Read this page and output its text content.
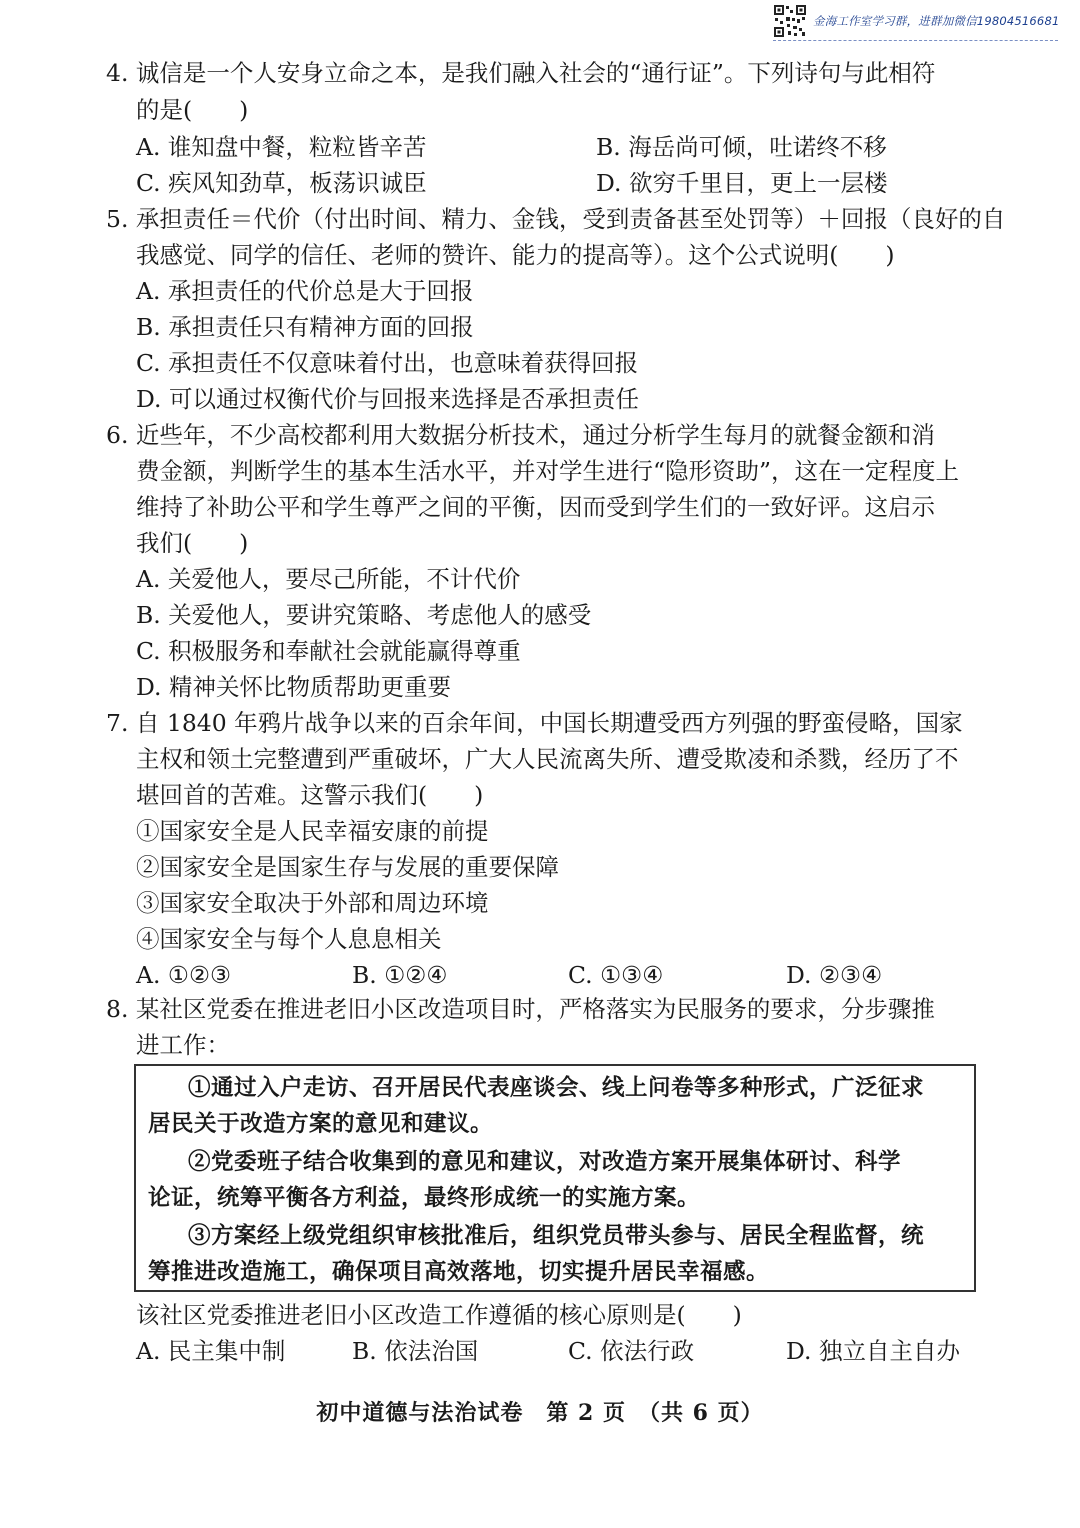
金海工作室学习群，进群加微信19804516681
4. 诚信是一个人安身立命之本，是我们融入社会的“通行证”。下列诗句与此相符
的是(　　)
A. 谁知盘中餐，粒粒皆辛苦	B. 海岳尚可倾，吐诺终不移
C. 疾风知劲草，板荡识诚臣	D. 欲穷千里目，更上一层楼
5. 承担责任＝代价（付出时间、精力、金钱，受到责备甚至处罚等）＋回报（良好的自
我感觉、同学的信任、老师的赞许、能力的提高等）。这个公式说明(　　)
A. 承担责任的代价总是大于回报
B. 承担责任只有精神方面的回报
C. 承担责任不仅意味着付出，也意味着获得回报
D. 可以通过权衡代价与回报来选择是否承担责任
6. 近些年，不少高校都利用大数据分析技术，通过分析学生每月的就餐金额和消
费金额，判断学生的基本生活水平，并对学生进行“隐形资助”，这在一定程度上
维持了补助公平和学生尊严之间的平衡，因而受到学生们的一致好评。这启示
我们(　　)
A. 关爱他人，要尽己所能，不计代价
B. 关爱他人，要讲究策略、考虑他人的感受
C. 积极服务和奉献社会就能赢得尊重
D. 精神关怀比物质帮助更重要
7. 自 1840 年鸦片战争以来的百余年间，中国长期遭受西方列强的野蛮侵略，国家
主权和领土完整遭到严重破坏，广大人民流离失所、遭受欺凌和杀戮，经历了不
堪回首的苦难。这警示我们(　　)
①国家安全是人民幸福安康的前提
②国家安全是国家生存与发展的重要保障
③国家安全取决于外部和周边环境
④国家安全与每个人息息相关
A. ①②③	B. ①②④	C. ①③④	D. ②③④
8. 某社区党委在推进老旧小区改造项目时，严格落实为民服务的要求，分步骤推
进工作：
①通过入户走访、召开居民代表座谈会、线上问卷等多种形式，广泛征求
居民关于改造方案的意见和建议。
②党委班子结合收集到的意见和建议，对改造方案开展集体研讨、科学
论证，统筹平衡各方利益，最终形成统一的实施方案。
③方案经上级党组织审核批准后，组织党员带头参与、居民全程监督，统
筹推进改造施工，确保项目高效落地，切实提升居民幸福感。
该社区党委推进老旧小区改造工作遵循的核心原则是(　　)
A. 民主集中制	B. 依法治国	C. 依法行政	D. 独立自主自办
初中道德与法治试卷　第 2 页　（共 6 页）
